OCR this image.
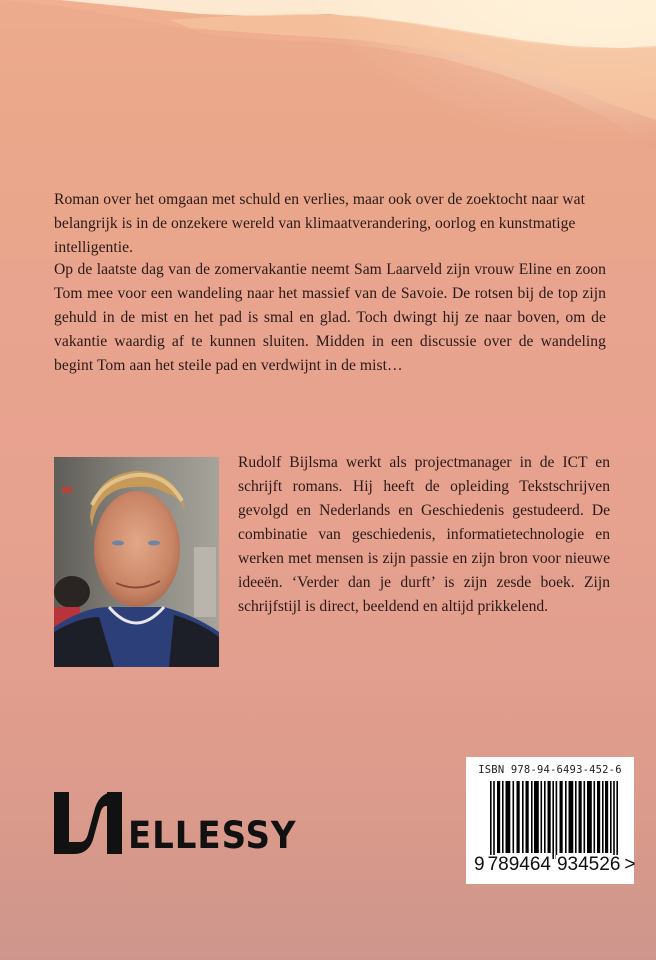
Roman over het omgaan met schuld en verlies, maar ook over de zoektocht naar wat belangrijk is in de onzekere wereld van klimaatverandering, oorlog en kunstmatige intelligentie.

Op de laatste dag van de zomervakantie neemt Sam Laarveld zijn vrouw Eline en zoon Tom mee voor een wandeling naar het massief van de Savoie. De rotsen bij de top zijn gehuld in de mist en het pad is smal en glad. Toch dwingt hij ze naar boven, om de vakantie waardig af te kunnen sluiten. Midden in een discussie over de wandeling begint Tom aan het steile pad en verdwijnt in de mist…

Rudolf Bijlsma werkt als projectmanager in de ICT en schrijft romans. Hij heeft de opleiding Tekstschrijven gevolgd en Nederlands en Geschiedenis gestudeerd. De combinatie van geschiedenis, informatietechnologie en werken met mensen is zijn passie en zijn bron voor nieuwe ideeën. ‘Verder dan je durft’ is zijn zesde boek. Zijn schrijfstijl is direct, beeldend en altijd prikkelend.

ELLESSY
ISBN 978-94-6493-452-6
9 789464 934526 >
